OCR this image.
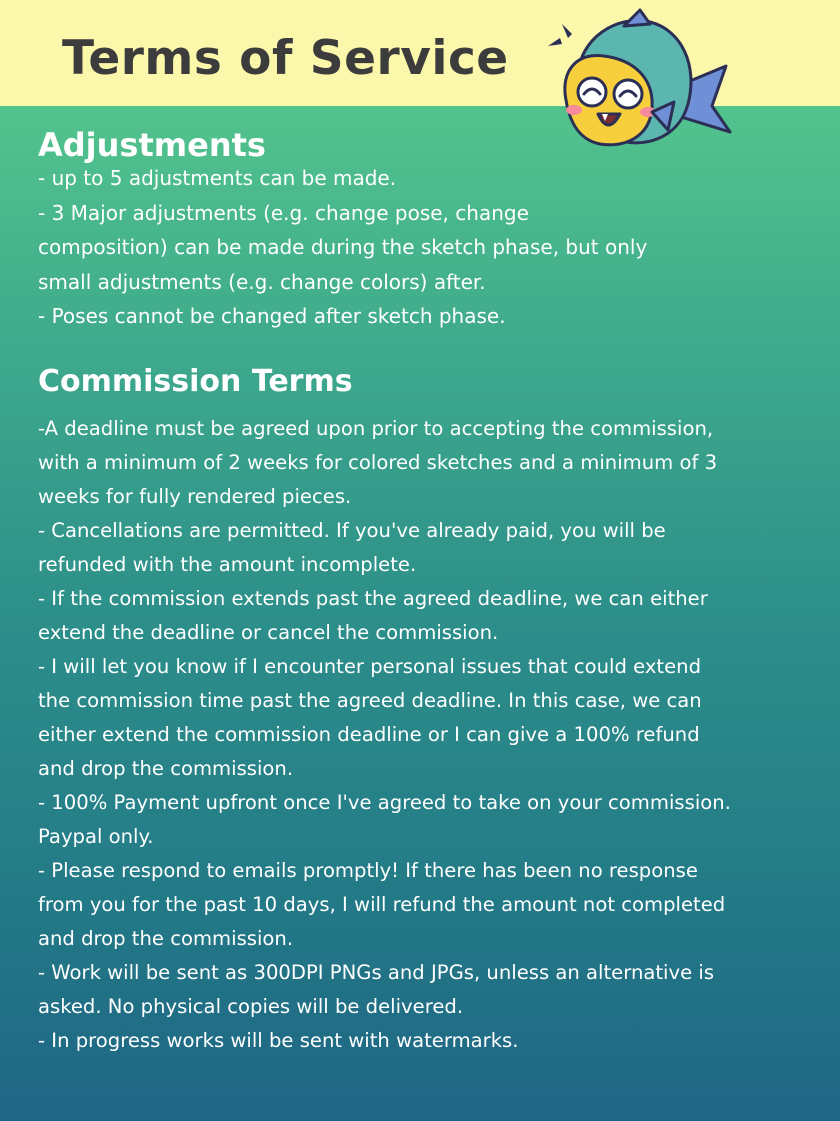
Terms of Service
Adjustments
- up to 5 adjustments can be made.
- 3 Major adjustments (e.g. change pose, change
composition) can be made during the sketch phase, but only
small adjustments (e.g. change colors) after.
- Poses cannot be changed after sketch phase.
Commission Terms
-A deadline must be agreed upon prior to accepting the commission,
with a minimum of 2 weeks for colored sketches and a minimum of 3
weeks for fully rendered pieces.
- Cancellations are permitted. If you've already paid, you will be
refunded with the amount incomplete.
- If the commission extends past the agreed deadline, we can either
extend the deadline or cancel the commission.
- I will let you know if I encounter personal issues that could extend
the commission time past the agreed deadline. In this case, we can
either extend the commission deadline or I can give a 100% refund
and drop the commission.
- 100% Payment upfront once I've agreed to take on your commission.
Paypal only.
- Please respond to emails promptly! If there has been no response
from you for the past 10 days, I will refund the amount not completed
and drop the commission.
- Work will be sent as 300DPI PNGs and JPGs, unless an alternative is
asked. No physical copies will be delivered.
- In progress works will be sent with watermarks.
